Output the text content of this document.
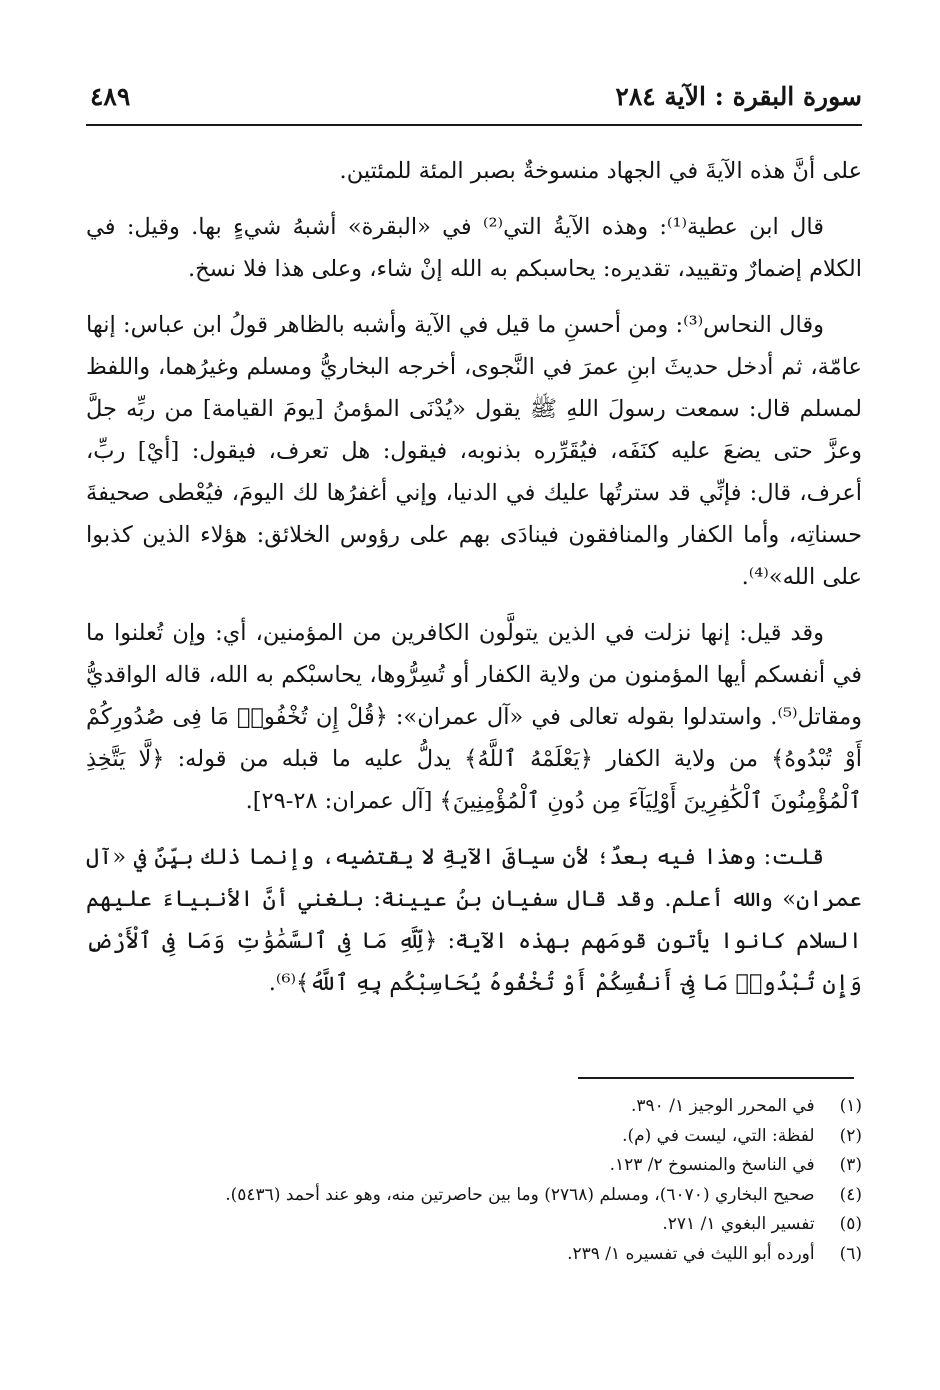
سورة البقرة : الآية ٢٨٤
٤٨٩

على أنَّ هذه الآيةَ في الجهاد منسوخةٌ بصبر المئة للمئتين.

قال ابن عطية⁽¹⁾: وهذه الآيةُ التي⁽²⁾ في «البقرة» أشبهُ شيءٍ بها. وقيل: في الكلام إضمارٌ وتقييد، تقديره: يحاسبكم به الله إنْ شاء، وعلى هذا فلا نسخ.

وقال النحاس⁽³⁾: ومن أحسنِ ما قيل في الآية وأشبه بالظاهر قولُ ابن عباس: إنها عامّة، ثم أدخل حديثَ ابنِ عمرَ في النَّجوى، أخرجه البخاريُّ ومسلم وغيرُهما، واللفظ لمسلم قال: سمعت رسولَ اللهِ ﷺ يقول «يُدْنَى المؤمنُ [يومَ القيامة] من ربِّه جلَّ وعزَّ حتى يضعَ عليه كنَفَه، فيُقَرِّره بذنوبه، فيقول: هل تعرف، فيقول: [أيْ] ربِّ، أعرف، قال: فإنِّي قد سترتُها عليك في الدنيا، وإني أغفرُها لك اليومَ، فيُعْطى صحيفةَ حسناتِه، وأما الكفار والمنافقون فينادَى بهم على رؤوس الخلائق: هؤلاء الذين كذبوا على الله»⁽⁴⁾.

وقد قيل: إنها نزلت في الذين يتولَّون الكافرين من المؤمنين، أي: وإن تُعلنوا ما في أنفسكم أيها المؤمنون من ولاية الكفار أو تُسِرُّوها، يحاسبْكم به الله، قاله الواقديُّ ومقاتل⁽⁵⁾. واستدلوا بقوله تعالى في «آل عمران»: ﴿قُلْ إِن تُخْفُوا۟ مَا فِى صُدُورِكُمْ أَوْ تُبْدُوهُ﴾ من ولاية الكفار ﴿يَعْلَمْهُ ٱللَّهُ﴾ يدلُّ عليه ما قبله من قوله: ﴿لَّا يَتَّخِذِ ٱلْمُؤْمِنُونَ ٱلْكَٰفِرِينَ أَوْلِيَآءَ مِن دُونِ ٱلْمُؤْمِنِينَ﴾ [آل عمران: ٢٨-٢٩].

قلت: وهذا فيه بعدٌ؛ لأن سياقَ الآيةِ لا يقتضيه، وإنما ذلك بيِّنٌ في «آل عمران» والله أعلم. وقد قال سفيان بنُ عيينة: بلغني أنَّ الأنبياءَ عليهم السلام كانوا يأتون قومَهم بهذه الآية: ﴿لِّلَّهِ مَا فِى ٱلسَّمَٰوَٰتِ وَمَا فِى ٱلْأَرْضِ وَإِن تُبْدُوا۟ مَا فِىٓ أَنفُسِكُمْ أَوْ تُخْفُوهُ يُحَاسِبْكُم بِهِ ٱللَّهُ﴾⁽⁶⁾.

(١) في المحرر الوجيز ١/ ٣٩٠.
(٢) لفظة: التي، ليست في (م).
(٣) في الناسخ والمنسوخ ٢/ ١٢٣.
(٤) صحيح البخاري (٦٠٧٠)، ومسلم (٢٧٦٨) وما بين حاصرتين منه، وهو عند أحمد (٥٤٣٦).
(٥) تفسير البغوي ١/ ٢٧١.
(٦) أورده أبو الليث في تفسيره ١/ ٢٣٩.
